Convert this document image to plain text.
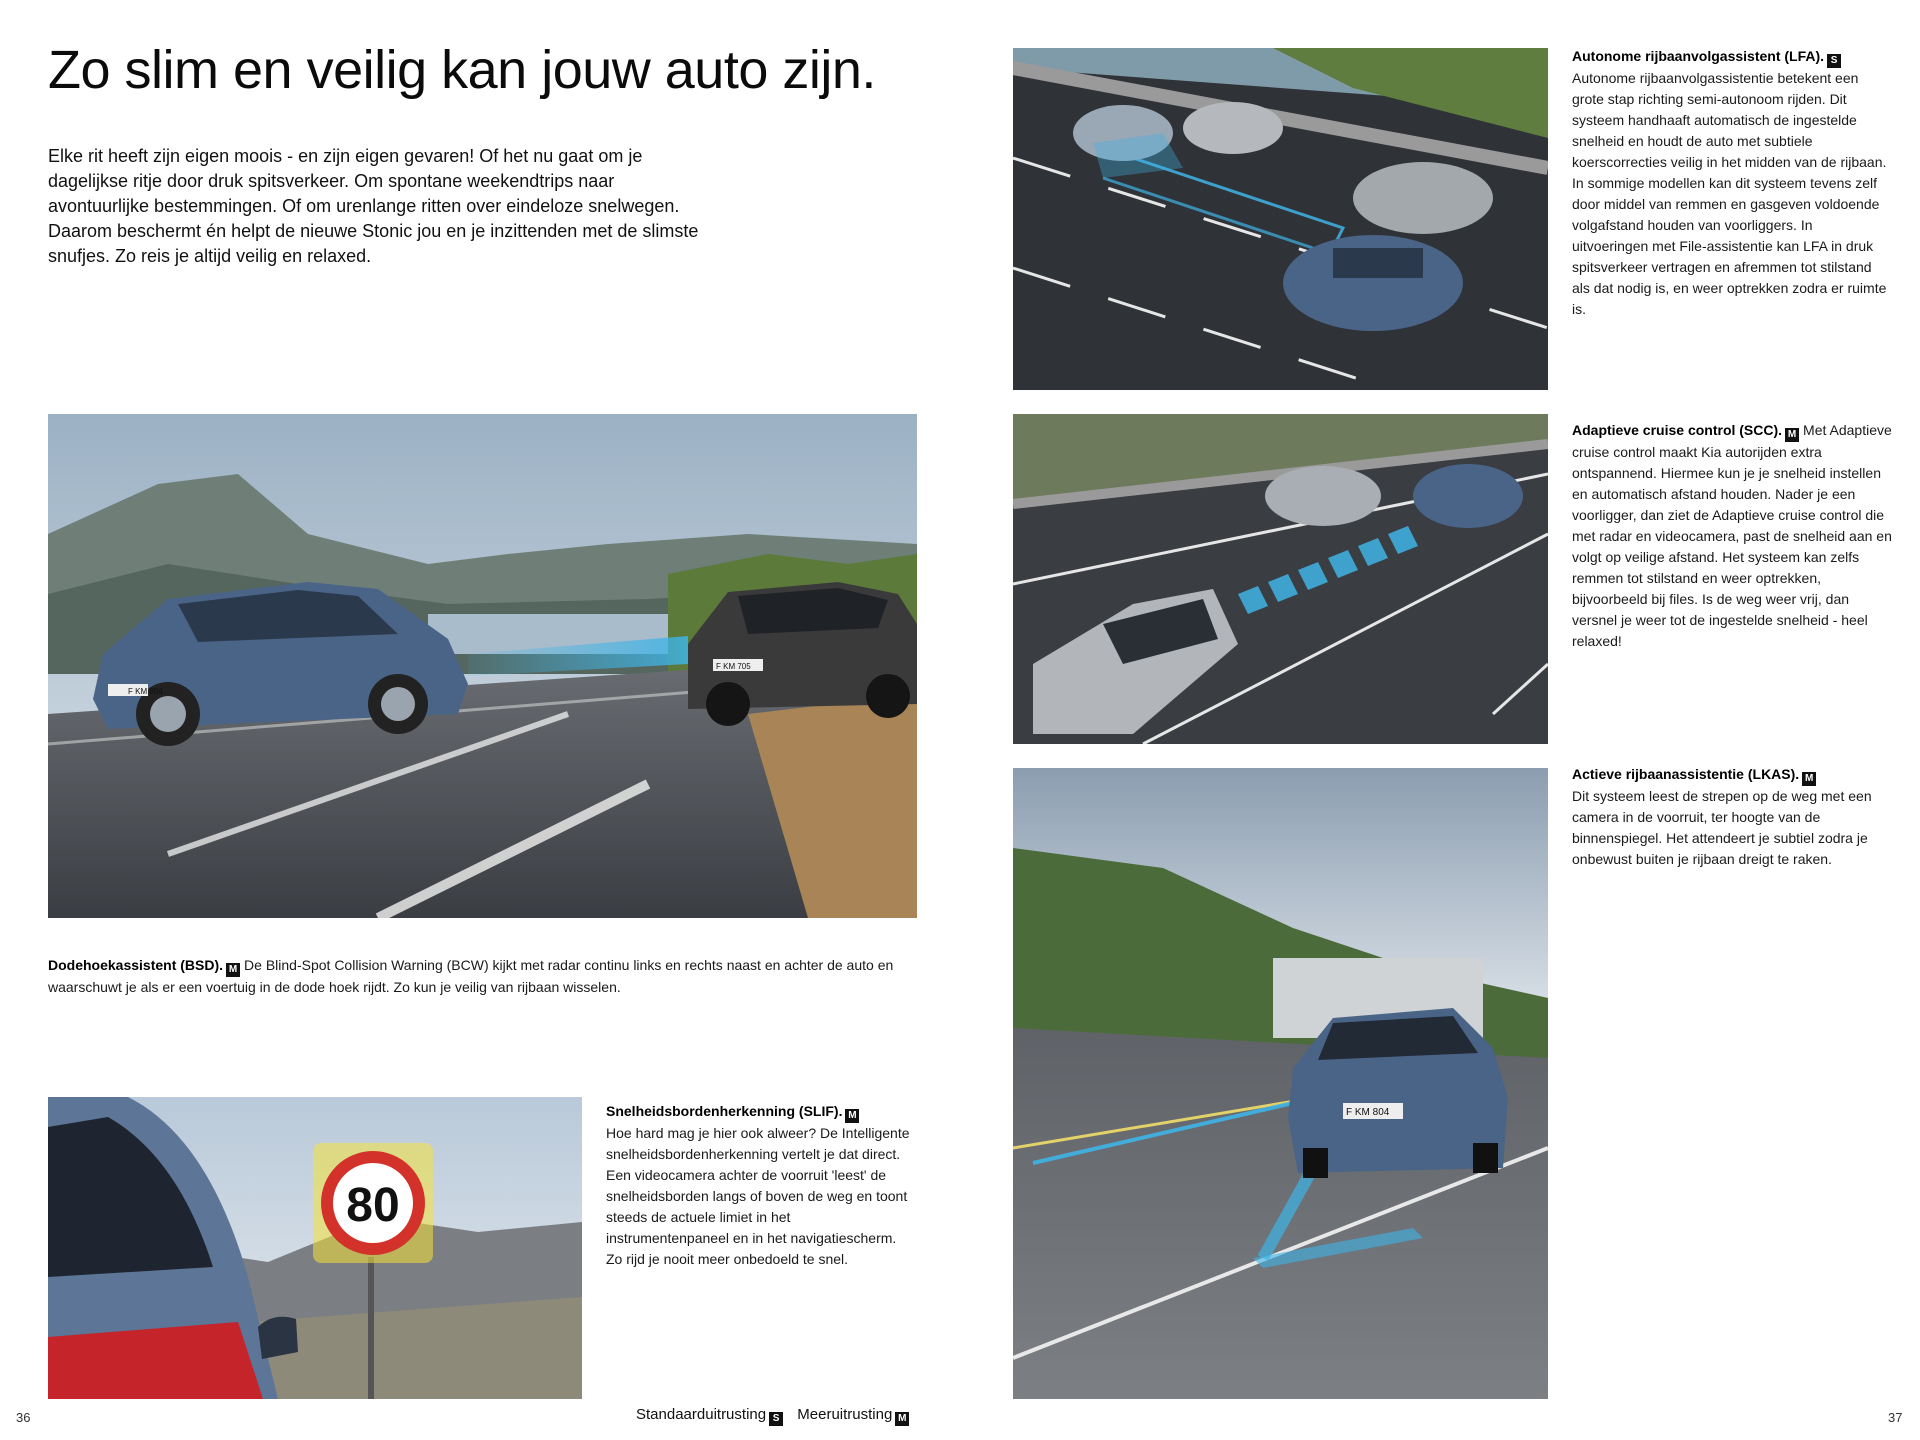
Zo slim en veilig kan jouw auto zijn.

Elke rit heeft zijn eigen moois - en zijn eigen gevaren! Of het nu gaat om je dagelijkse ritje door druk spitsverkeer. Om spontane weekendtrips naar avontuurlijke bestemmingen. Of om urenlange ritten over eindeloze snelwegen. Daarom beschermt én helpt de nieuwe Stonic jou en je inzittenden met de slimste snufjes. Zo reis je altijd veilig en relaxed.

F KM 804
F KM 705

Dodehoekassistent (BSD). M De Blind-Spot Collision Warning (BCW) kijkt met radar continu links en rechts naast en achter de auto en waarschuwt je als er een voertuig in de dode hoek rijdt. Zo kun je veilig van rijbaan wisselen.

80

Snelheidsbordenherkenning (SLIF). M
Hoe hard mag je hier ook alweer? De Intelligente snelheidsbordenherkenning vertelt je dat direct. Een videocamera achter de voorruit 'leest' de snelheidsborden langs of boven de weg en toont steeds de actuele limiet in het instrumentenpaneel en in het navigatiescherm. Zo rijd je nooit meer onbedoeld te snel.

36	Standaarduitrusting S Meeruitrusting M

Autonome rijbaanvolgassistent (LFA). S
Autonome rijbaanvolgassistentie betekent een grote stap richting semi-autonoom rijden. Dit systeem handhaaft automatisch de ingestelde snelheid en houdt de auto met subtiele koerscorrecties veilig in het midden van de rijbaan. In sommige modellen kan dit systeem tevens zelf door middel van remmen en gasgeven voldoende volgafstand houden van voorliggers. In uitvoeringen met File-assistentie kan LFA in druk spitsverkeer vertragen en afremmen tot stilstand als dat nodig is, en weer optrekken zodra er ruimte is.

Adaptieve cruise control (SCC). M Met Adaptieve cruise control maakt Kia autorijden extra ontspannend. Hiermee kun je je snelheid instellen en automatisch afstand houden. Nader je een voorligger, dan ziet de Adaptieve cruise control die met radar en videocamera, past de snelheid aan en volgt op veilige afstand. Het systeem kan zelfs remmen tot stilstand en weer optrekken, bijvoorbeeld bij files. Is de weg weer vrij, dan versnel je weer tot de ingestelde snelheid - heel relaxed!

F KM 804

Actieve rijbaanassistentie (LKAS). M
Dit systeem leest de strepen op de weg met een camera in de voorruit, ter hoogte van de binnenspiegel. Het attendeert je subtiel zodra je onbewust buiten je rijbaan dreigt te raken.

37
